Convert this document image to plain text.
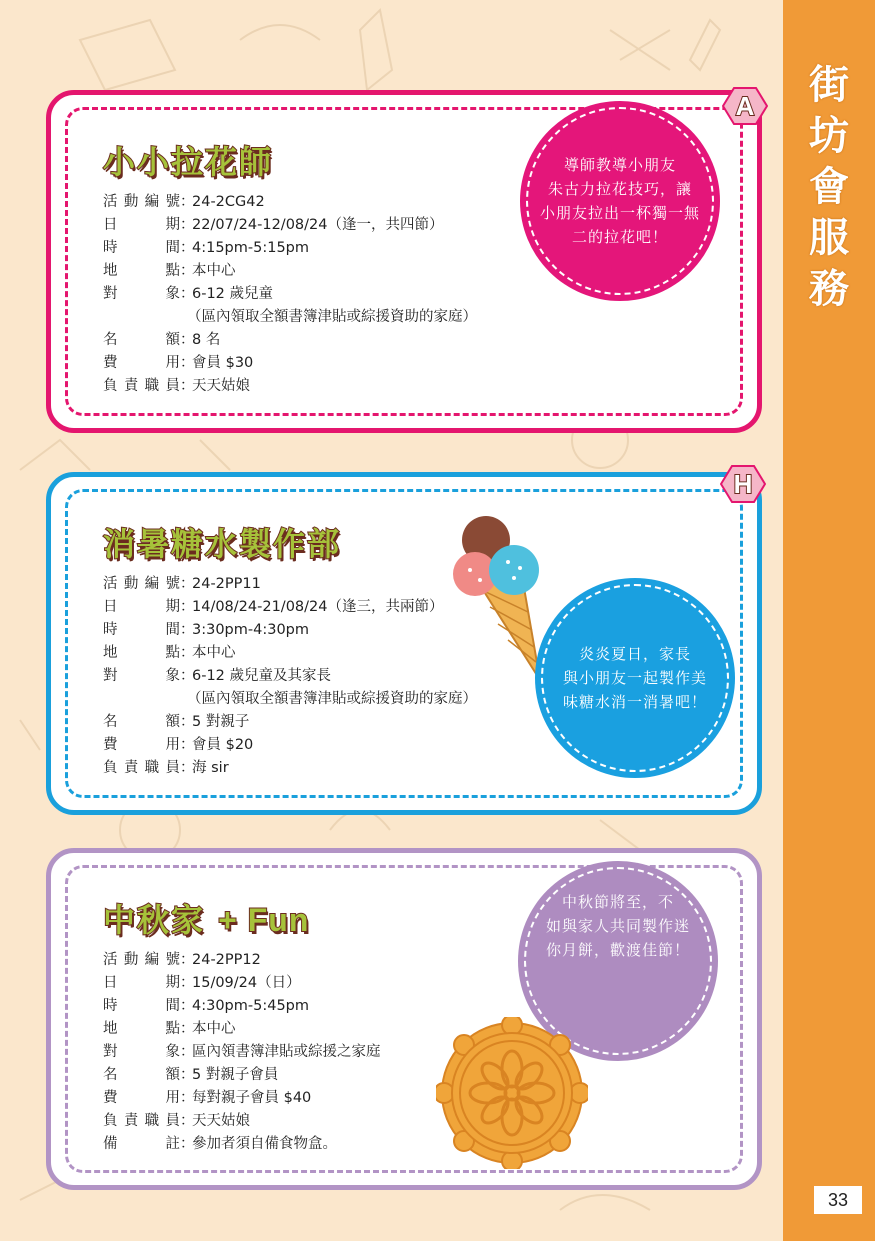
街
坊
會
服
務
33
小小拉花師
活 動 編 號 ：
24-2CG42
日	期 ：
22/07/24-12/08/24（逢一，共四節）
時	間 ：
4:15pm-5:15pm
地	點 ：
本中心
對	象 ：
6-12 歲兒童
（區內領取全額書簿津貼或綜援資助的家庭）
名	額 ：
8 名
費	用 ：
會員 $30
負 責 職 員 ：
天天姑娘
導師教導小朋友
朱古力拉花技巧，讓
小朋友拉出一杯獨一無
二的拉花吧！
A
消暑糖水製作部
活 動 編 號 ：
24-2PP11
日	期 ：
14/08/24-21/08/24（逢三，共兩節）
時	間 ：
3:30pm-4:30pm
地	點 ：
本中心
對	象 ：
6-12 歲兒童及其家長
（區內領取全額書簿津貼或綜援資助的家庭）
名	額 ：
5 對親子
費	用 ：
會員 $20
負 責 職 員 ：
海 sir
炎炎夏日，家長
與小朋友一起製作美
味糖水消一消暑吧！
H
中秋家 + Fun
活 動 編 號 ：
24-2PP12
日	期 ：
15/09/24（日）
時	間 ：
4:30pm-5:45pm
地	點 ：
本中心
對	象 ：
區內領書簿津貼或綜援之家庭
名	額 ：
5 對親子會員
費	用 ：
每對親子會員 $40
負 責 職 員 ：
天天姑娘
備	註 ：
參加者須自備食物盒。
中秋節將至，不
如與家人共同製作迷
你月餅，歡渡佳節！
